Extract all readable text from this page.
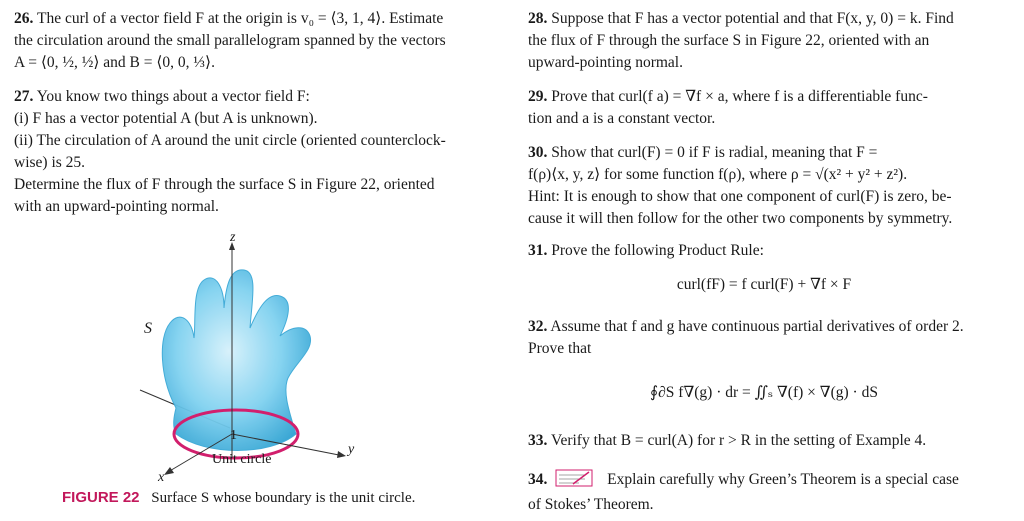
26. The curl of a vector field F at the origin is v₀ = ⟨3, 1, 4⟩. Estimate
the circulation around the small parallelogram spanned by the vectors
A = ⟨0, ½, ½⟩ and B = ⟨0, 0, ⅓⟩.
27. You know two things about a vector field F:
(i) F has a vector potential A (but A is unknown).
(ii) The circulation of A around the unit circle (oriented counterclock-
wise) is 25.
Determine the flux of F through the surface S in Figure 22, oriented
with an upward-pointing normal.
z
y
x
S
1
Unit circle
FIGURE 22 Surface S whose boundary is the unit circle.
28. Suppose that F has a vector potential and that F(x, y, 0) = k. Find
the flux of F through the surface S in Figure 22, oriented with an
upward-pointing normal.
29. Prove that curl(f a) = ∇f × a, where f is a differentiable func-
tion and a is a constant vector.
30. Show that curl(F) = 0 if F is radial, meaning that F =
f(ρ)⟨x, y, z⟩ for some function f(ρ), where ρ = √(x² + y² + z²).
Hint: It is enough to show that one component of curl(F) is zero, be-
cause it will then follow for the other two components by symmetry.
31. Prove the following Product Rule:
curl(fF) = f curl(F) + ∇f × F
32. Assume that f and g have continuous partial derivatives of order 2.
Prove that
∮∂S f∇(g) · dr = ∬ₛ ∇(f) × ∇(g) · dS
33. Verify that B = curl(A) for r > R in the setting of Example 4.
34.	Explain carefully why Green’s Theorem is a special case
of Stokes’ Theorem.
